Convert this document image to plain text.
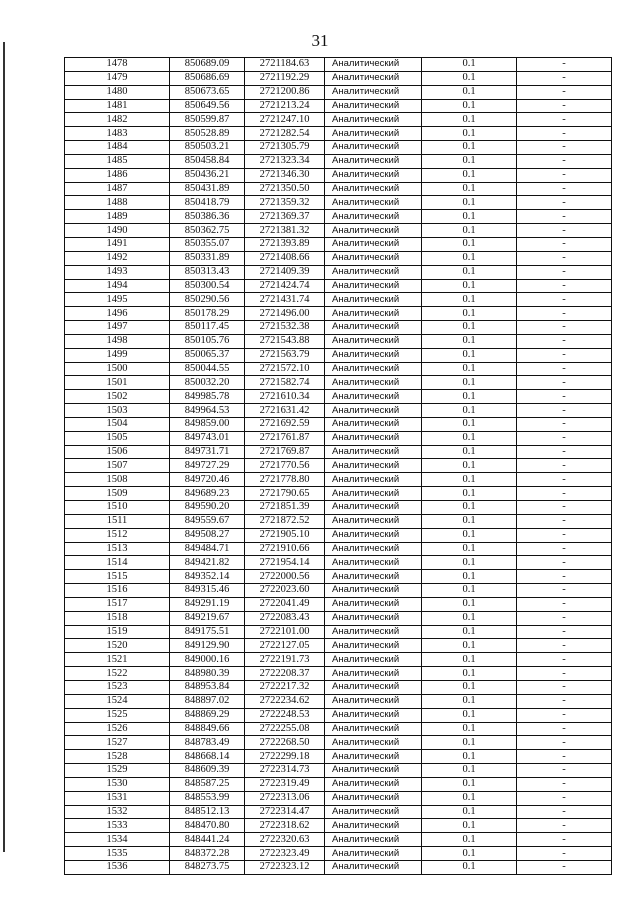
31
1478	850689.09	2721184.63	Аналитический	0.1	-
1479	850686.69	2721192.29	Аналитический	0.1	-
1480	850673.65	2721200.86	Аналитический	0.1	-
1481	850649.56	2721213.24	Аналитический	0.1	-
1482	850599.87	2721247.10	Аналитический	0.1	-
1483	850528.89	2721282.54	Аналитический	0.1	-
1484	850503.21	2721305.79	Аналитический	0.1	-
1485	850458.84	2721323.34	Аналитический	0.1	-
1486	850436.21	2721346.30	Аналитический	0.1	-
1487	850431.89	2721350.50	Аналитический	0.1	-
1488	850418.79	2721359.32	Аналитический	0.1	-
1489	850386.36	2721369.37	Аналитический	0.1	-
1490	850362.75	2721381.32	Аналитический	0.1	-
1491	850355.07	2721393.89	Аналитический	0.1	-
1492	850331.89	2721408.66	Аналитический	0.1	-
1493	850313.43	2721409.39	Аналитический	0.1	-
1494	850300.54	2721424.74	Аналитический	0.1	-
1495	850290.56	2721431.74	Аналитический	0.1	-
1496	850178.29	2721496.00	Аналитический	0.1	-
1497	850117.45	2721532.38	Аналитический	0.1	-
1498	850105.76	2721543.88	Аналитический	0.1	-
1499	850065.37	2721563.79	Аналитический	0.1	-
1500	850044.55	2721572.10	Аналитический	0.1	-
1501	850032.20	2721582.74	Аналитический	0.1	-
1502	849985.78	2721610.34	Аналитический	0.1	-
1503	849964.53	2721631.42	Аналитический	0.1	-
1504	849859.00	2721692.59	Аналитический	0.1	-
1505	849743.01	2721761.87	Аналитический	0.1	-
1506	849731.71	2721769.87	Аналитический	0.1	-
1507	849727.29	2721770.56	Аналитический	0.1	-
1508	849720.46	2721778.80	Аналитический	0.1	-
1509	849689.23	2721790.65	Аналитический	0.1	-
1510	849590.20	2721851.39	Аналитический	0.1	-
1511	849559.67	2721872.52	Аналитический	0.1	-
1512	849508.27	2721905.10	Аналитический	0.1	-
1513	849484.71	2721910.66	Аналитический	0.1	-
1514	849421.82	2721954.14	Аналитический	0.1	-
1515	849352.14	2722000.56	Аналитический	0.1	-
1516	849315.46	2722023.60	Аналитический	0.1	-
1517	849291.19	2722041.49	Аналитический	0.1	-
1518	849219.67	2722083.43	Аналитический	0.1	-
1519	849175.51	2722101.00	Аналитический	0.1	-
1520	849129.90	2722127.05	Аналитический	0.1	-
1521	849000.16	2722191.73	Аналитический	0.1	-
1522	848980.39	2722208.37	Аналитический	0.1	-
1523	848953.84	2722217.32	Аналитический	0.1	-
1524	848897.02	2722234.62	Аналитический	0.1	-
1525	848869.29	2722248.53	Аналитический	0.1	-
1526	848849.66	2722255.08	Аналитический	0.1	-
1527	848783.49	2722268.50	Аналитический	0.1	-
1528	848668.14	2722299.18	Аналитический	0.1	-
1529	848609.39	2722314.73	Аналитический	0.1	-
1530	848587.25	2722319.49	Аналитический	0.1	-
1531	848553.99	2722313.06	Аналитический	0.1	-
1532	848512.13	2722314.47	Аналитический	0.1	-
1533	848470.80	2722318.62	Аналитический	0.1	-
1534	848441.24	2722320.63	Аналитический	0.1	-
1535	848372.28	2722323.49	Аналитический	0.1	-
1536	848273.75	2722323.12	Аналитический	0.1	-
